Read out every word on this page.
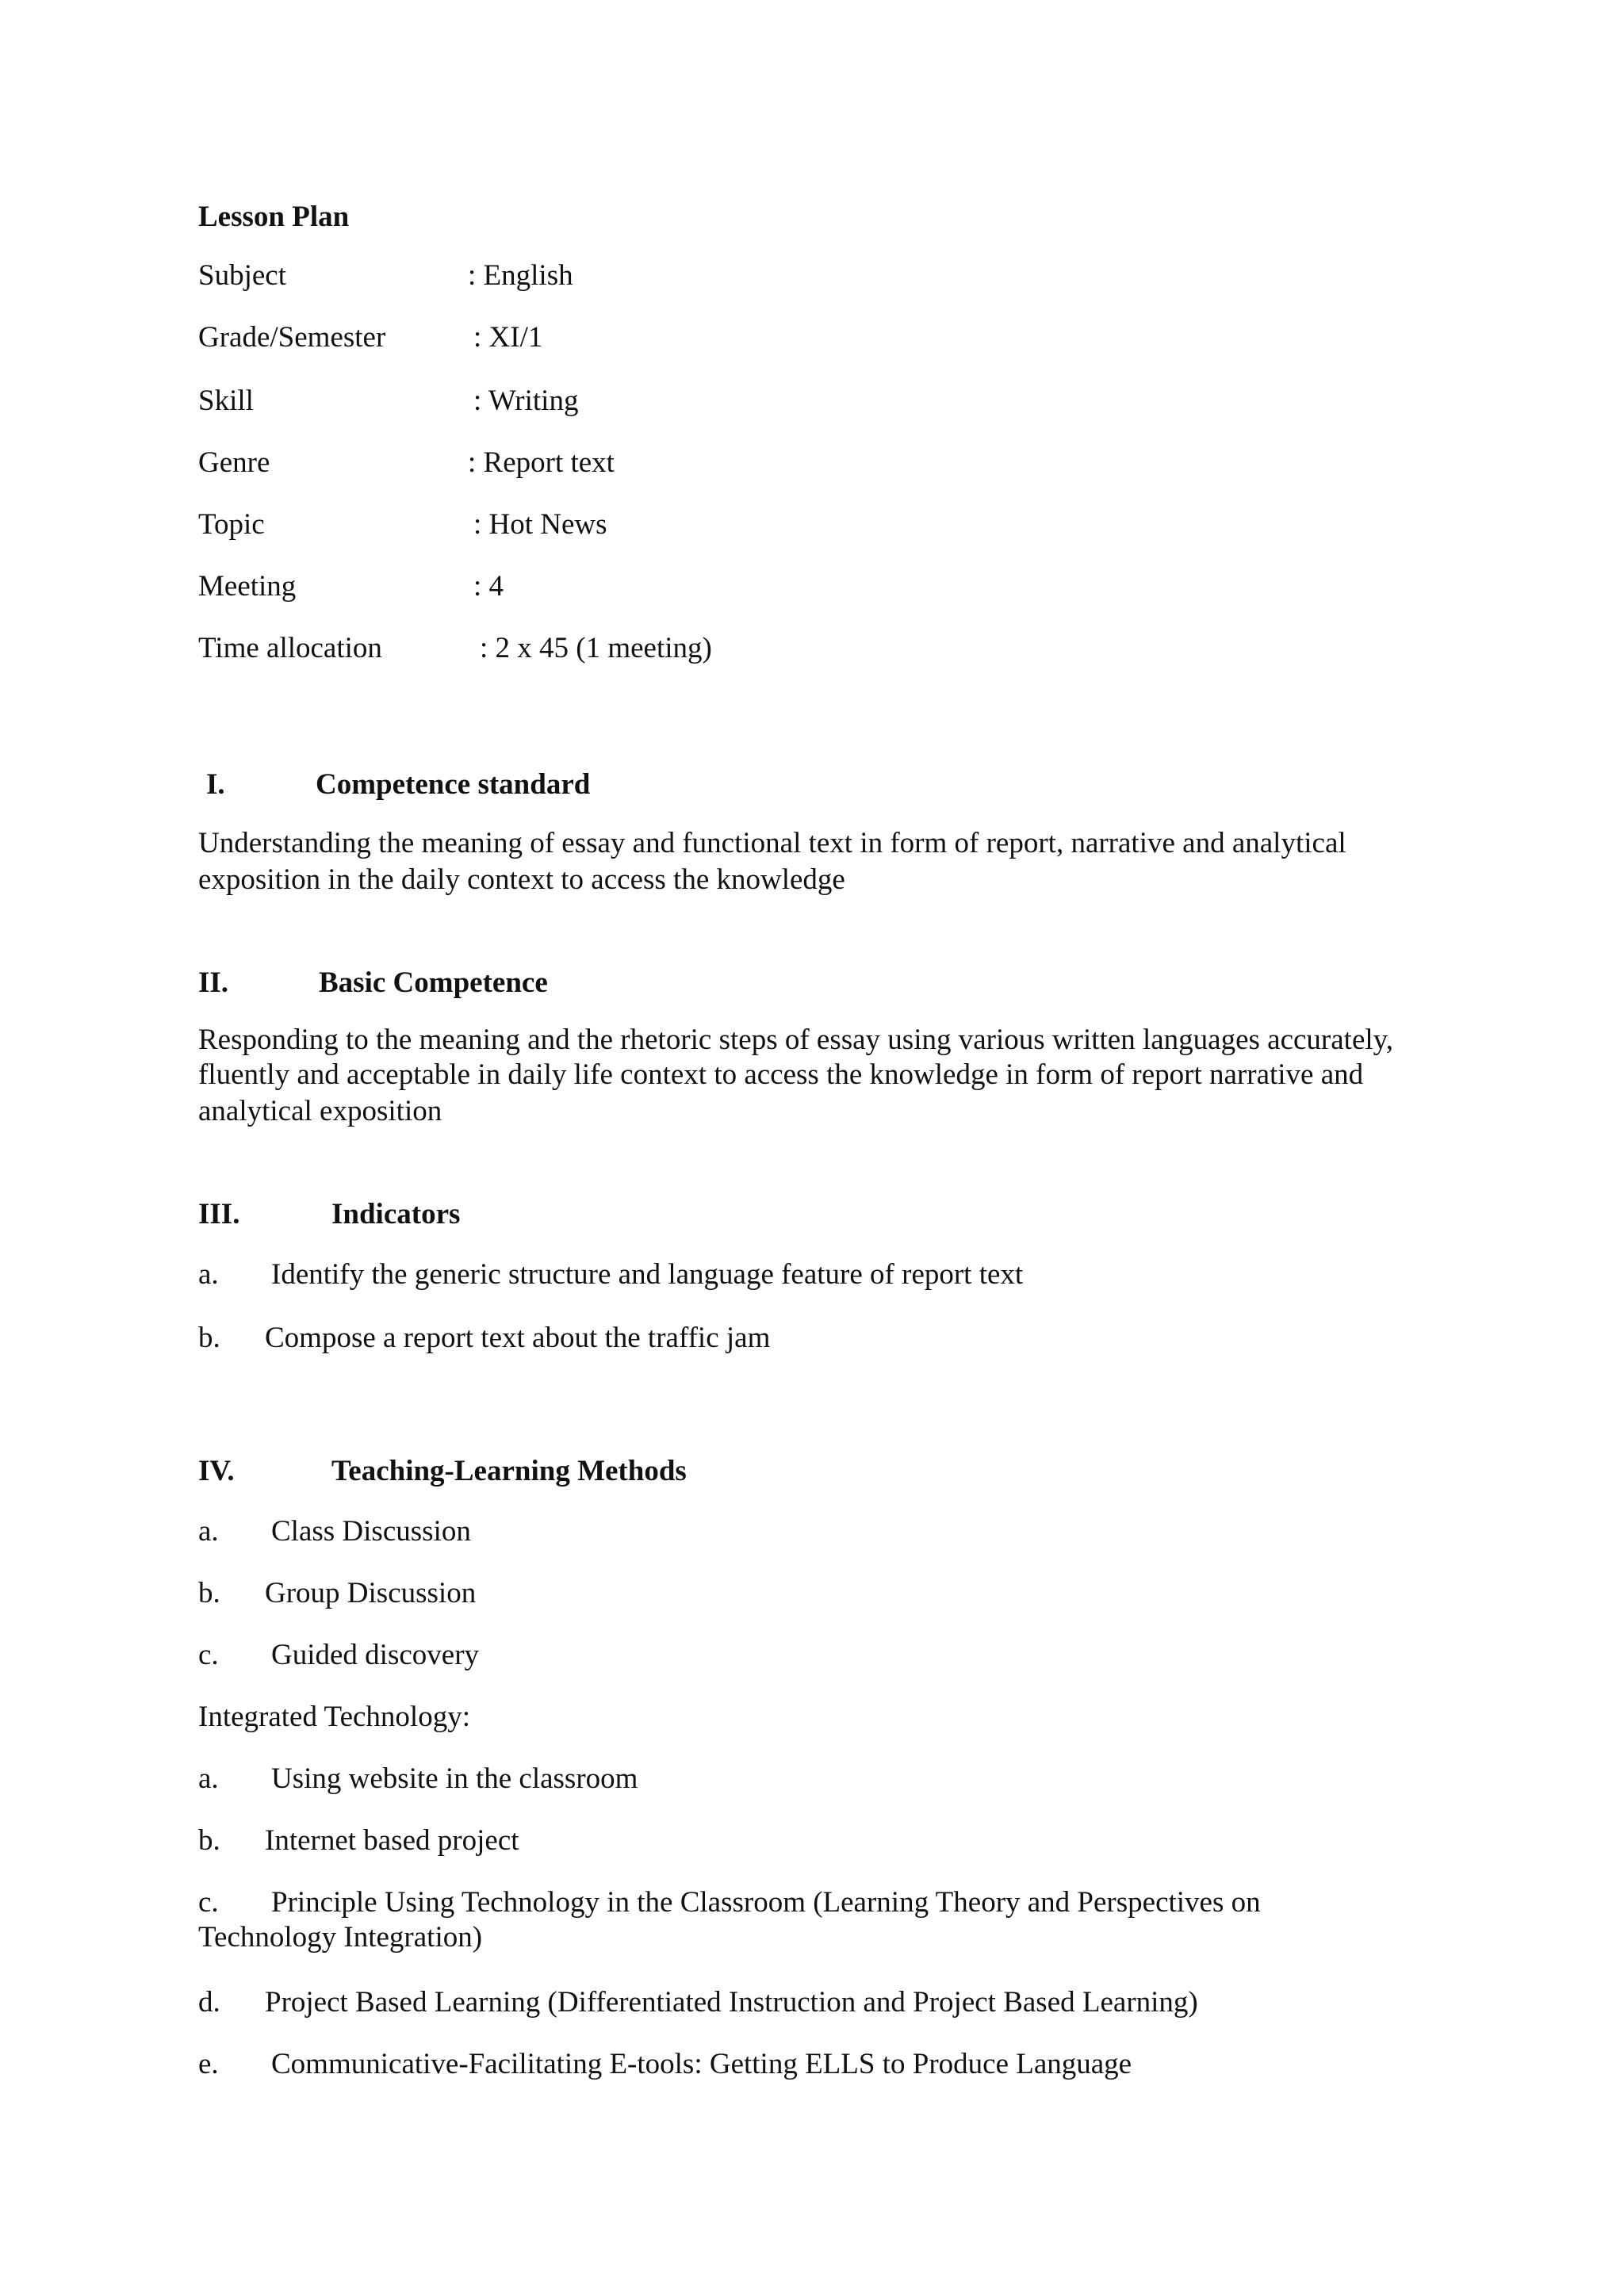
Lesson Plan

Subject	: English

Grade/Semester	: XI/1

Skill	: Writing

Genre	: Report text

Topic	: Hot News

Meeting	: 4

Time allocation	: 2 x 45 (1 meeting)

I.	Competence standard

Understanding the meaning of essay and functional text in form of report, narrative and analytical

exposition in the daily context to access the knowledge

II.	Basic Competence

Responding to the meaning and the rhetoric steps of essay using various written languages accurately,

fluently and acceptable in daily life context to access the knowledge in form of report narrative and

analytical exposition

III.	Indicators

a. Identify the generic structure and language feature of report text

b. Compose a report text about the traffic jam

IV.	Teaching-Learning Methods

a. Class Discussion

b. Group Discussion

c. Guided discovery

Integrated Technology:

a. Using website in the classroom

b. Internet based project

c. Principle Using Technology in the Classroom (Learning Theory and Perspectives on

Technology Integration)

d. Project Based Learning (Differentiated Instruction and Project Based Learning)

e. Communicative-Facilitating E-tools: Getting ELLS to Produce Language
